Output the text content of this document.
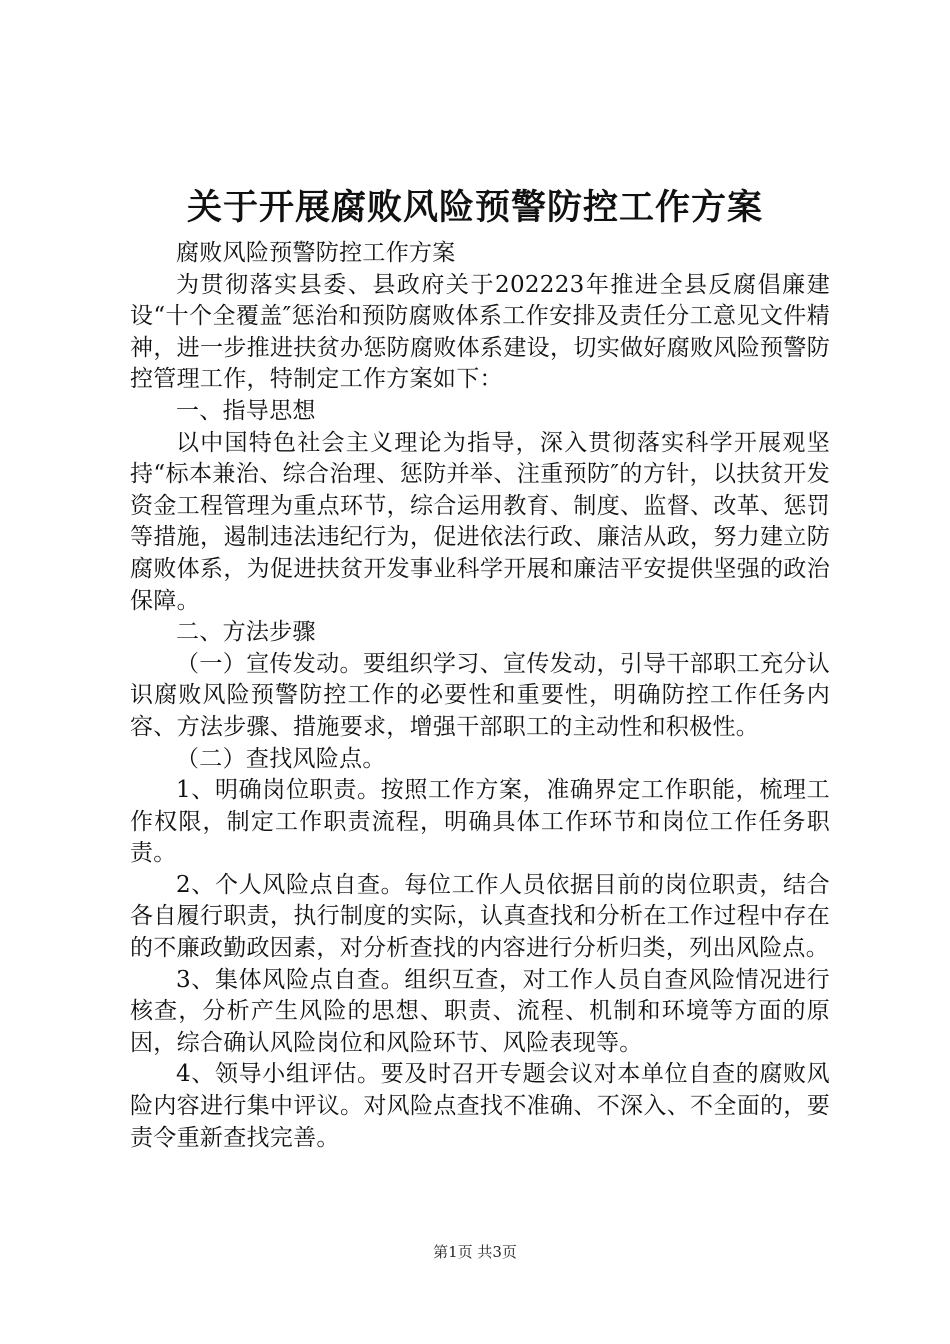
关于开展腐败风险预警防控工作方案

腐败风险预警防控工作方案

为贯彻落实县委、县政府关于202223年推进全县反腐倡廉建设“十个全覆盖″惩治和预防腐败体系工作安排及责任分工意见文件精神，进一步推进扶贫办惩防腐败体系建设，切实做好腐败风险预警防控管理工作，特制定工作方案如下：

一、指导思想

以中国特色社会主义理论为指导，深入贯彻落实科学开展观坚持“标本兼治、综合治理、惩防并举、注重预防″的方针，以扶贫开发资金工程管理为重点环节，综合运用教育、制度、监督、改革、惩罚等措施，遏制违法违纪行为，促进依法行政、廉洁从政，努力建立防腐败体系，为促进扶贫开发事业科学开展和廉洁平安提供坚强的政治保障。

二、方法步骤

（一）宣传发动。要组织学习、宣传发动，引导干部职工充分认识腐败风险预警防控工作的必要性和重要性，明确防控工作任务内容、方法步骤、措施要求，增强干部职工的主动性和积极性。

（二）查找风险点。

1、明确岗位职责。按照工作方案，准确界定工作职能，梳理工作权限，制定工作职责流程，明确具体工作环节和岗位工作任务职责。

2、个人风险点自查。每位工作人员依据目前的岗位职责，结合各自履行职责，执行制度的实际，认真查找和分析在工作过程中存在的不廉政勤政因素，对分析查找的内容进行分析归类，列出风险点。

3、集体风险点自查。组织互查，对工作人员自查风险情况进行核查，分析产生风险的思想、职责、流程、机制和环境等方面的原因，综合确认风险岗位和风险环节、风险表现等。

4、领导小组评估。要及时召开专题会议对本单位自查的腐败风险内容进行集中评议。对风险点查找不准确、不深入、不全面的，要责令重新查找完善。

第1页 共3页
